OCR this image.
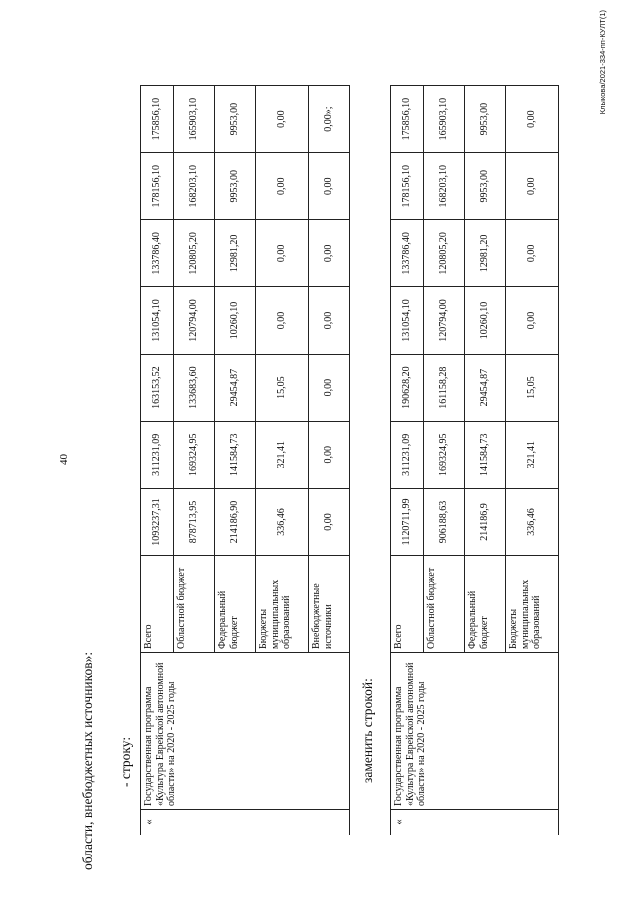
40
Клыкова/2021-334-пп-КУЛТ(1)
области, внебюджетных источников»: - строку:
«	Государственная программа «Культура Еврейской автономной области» на 2020 - 2025 годы	Всего	1093237,31	311231,09	163153,52	131054,10	133786,40	178156,10	175856,10
		Областной бюджет	878713,95	169324,95	133683,60	120794,00	120805,20	168203,10	165903,10
		Федеральный бюджет	214186,90	141584,73	29454,87	10260,10	12981,20	9953,00	9953,00
		Бюджеты муниципальных образований	336,46	321,41	15,05	0,00	0,00	0,00	0,00
		Внебюджетные источники	0,00	0,00	0,00	0,00	0,00	0,00	0,00»;
заменить строкой:
«	Государственная программа «Культура Еврейской автономной области» на 2020 - 2025 годы	Всего	1120711,99	311231,09	190628,20	131054,10	133786,40	178156,10	175856,10
		Областной бюджет	906188,63	169324,95	161158,28	120794,00	120805,20	168203,10	165903,10
		Федеральный бюджет	214186,9	141584,73	29454,87	10260,10	12981,20	9953,00	9953,00
		Бюджеты муниципальных образований	336,46	321,41	15,05	0,00	0,00	0,00	0,00
